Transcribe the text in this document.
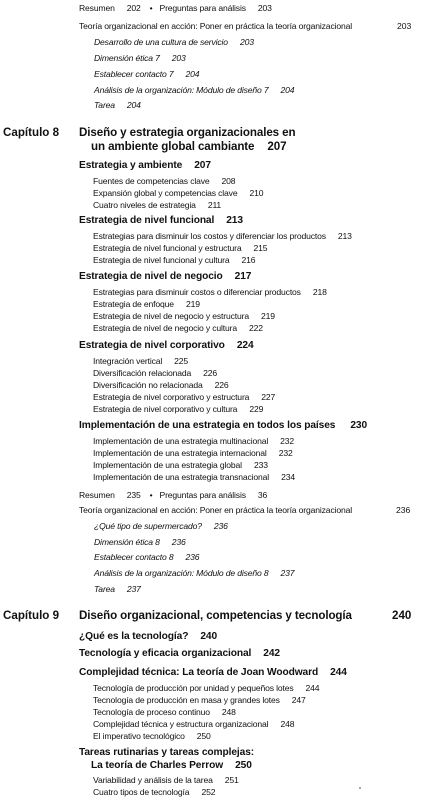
Resumen 202 • Preguntas para análisis 203
Teoría organizacional en acción: Poner en práctica la teoría organizacional	203
Desarrollo de una cultura de servicio 203
Dimensión ética 7 203
Establecer contacto 7 204
Análisis de la organización: Módulo de diseño 7 204
Tarea 204
Capítulo 8 Diseño y estrategia organizacionales en
un ambiente global cambiante 207
Estrategia y ambiente 207
Fuentes de competencias clave 208
Expansión global y competencias clave 210
Cuatro niveles de estrategia 211
Estrategia de nivel funcional 213
Estrategias para disminuir los costos y diferenciar los productos 213
Estrategia de nivel funcional y estructura 215
Estrategia de nivel funcional y cultura 216
Estrategia de nivel de negocio 217
Estrategias para disminuir costos o diferenciar productos 218
Estrategia de enfoque 219
Estrategia de nivel de negocio y estructura 219
Estrategia de nivel de negocio y cultura 222
Estrategia de nivel corporativo 224
Integración vertical 225
Diversificación relacionada 226
Diversificación no relacionada 226
Estrategia de nivel corporativo y estructura 227
Estrategia de nivel corporativo y cultura 229
Implementación de una estrategia en todos los países 230
Implementación de una estrategia multinacional 232
Implementación de una estrategia internacional 232
Implementación de una estrategia global 233
Implementación de una estrategia transnacional 234
Resumen 235 • Preguntas para análisis 36
Teoría organizacional en acción: Poner en práctica la teoría organizacional	236
¿Qué tipo de supermercado? 236
Dimensión ética 8 236
Establecer contacto 8 236
Análisis de la organización: Módulo de diseño 8 237
Tarea 237
Capítulo 9 Diseño organizacional, competencias y tecnología	240
¿Qué es la tecnología? 240
Tecnología y eficacia organizacional 242
Complejidad técnica: La teoría de Joan Woodward 244
Tecnología de producción por unidad y pequeños lotes 244
Tecnología de producción en masa y grandes lotes 247
Tecnología de proceso continuo 248
Complejidad técnica y estructura organizacional 248
El imperativo tecnológico 250
Tareas rutinarias y tareas complejas:
La teoría de Charles Perrow 250
Variabilidad y análisis de la tarea 251
Cuatro tipos de tecnología 252
